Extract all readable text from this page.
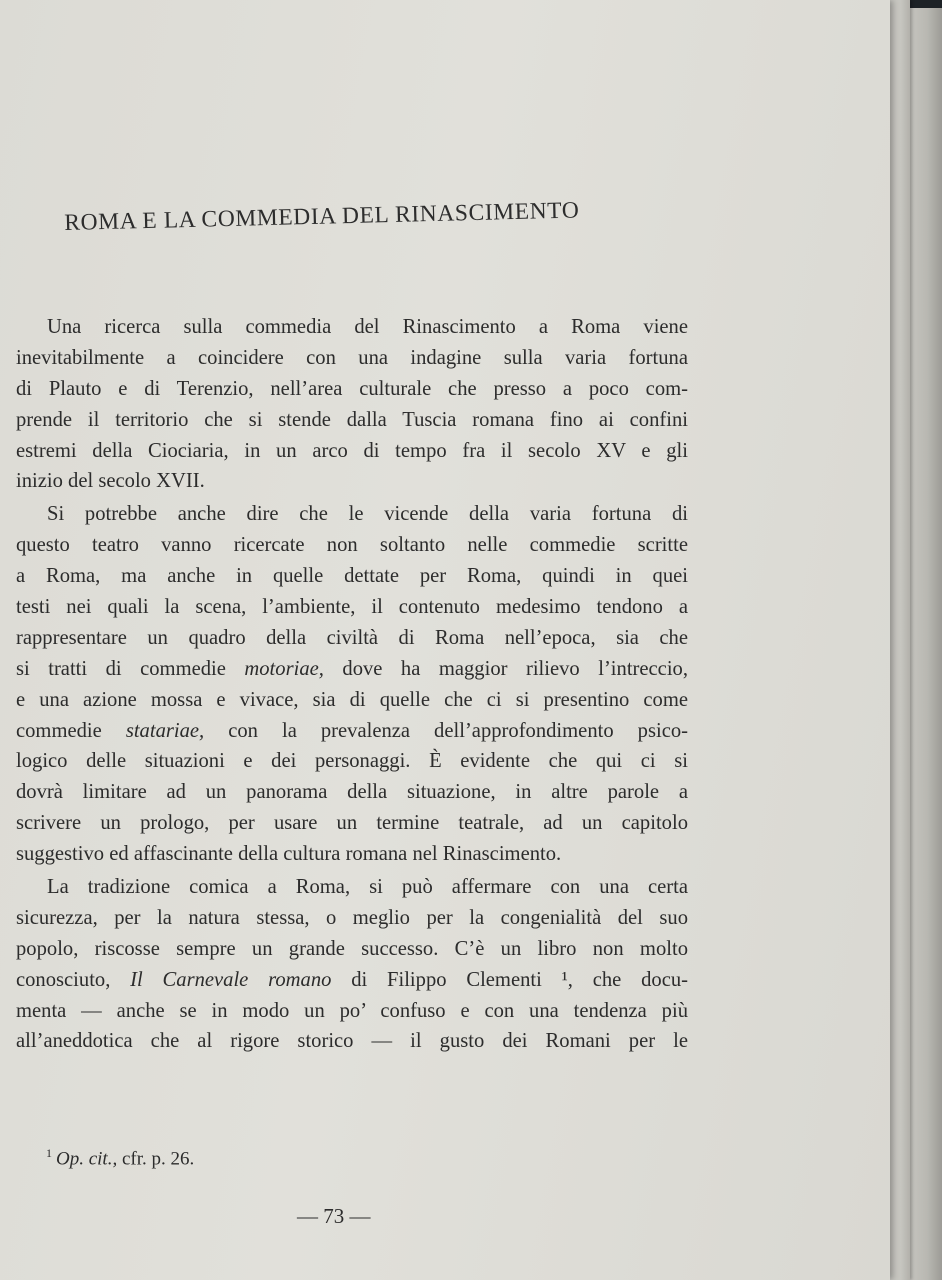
ROMA E LA COMMEDIA DEL RINASCIMENTO
Una ricerca sulla commedia del Rinascimento a Roma viene
inevitabilmente a coincidere con una indagine sulla varia fortuna
di Plauto e di Terenzio, nell’area culturale che presso a poco com-
prende il territorio che si stende dalla Tuscia romana fino ai confini
estremi della Ciociaria, in un arco di tempo fra il secolo XV e gli
inizio del secolo XVII.
Si potrebbe anche dire che le vicende della varia fortuna di
questo teatro vanno ricercate non soltanto nelle commedie scritte
a Roma, ma anche in quelle dettate per Roma, quindi in quei
testi nei quali la scena, l’ambiente, il contenuto medesimo tendono a
rappresentare un quadro della civiltà di Roma nell’epoca, sia che
si tratti di commedie motoriae, dove ha maggior rilievo l’intreccio,
e una azione mossa e vivace, sia di quelle che ci si presentino come
commedie statariae, con la prevalenza dell’approfondimento psico-
logico delle situazioni e dei personaggi. È evidente che qui ci si
dovrà limitare ad un panorama della situazione, in altre parole a
scrivere un prologo, per usare un termine teatrale, ad un capitolo
suggestivo ed affascinante della cultura romana nel Rinascimento.
La tradizione comica a Roma, si può affermare con una certa
sicurezza, per la natura stessa, o meglio per la congenialità del suo
popolo, riscosse sempre un grande successo. C’è un libro non molto
conosciuto, Il Carnevale romano di Filippo Clementi ¹, che docu-
menta — anche se in modo un po’ confuso e con una tendenza più
all’aneddotica che al rigore storico — il gusto dei Romani per le
$^1$ Op. cit., cfr. p. 26.
— 73 —
